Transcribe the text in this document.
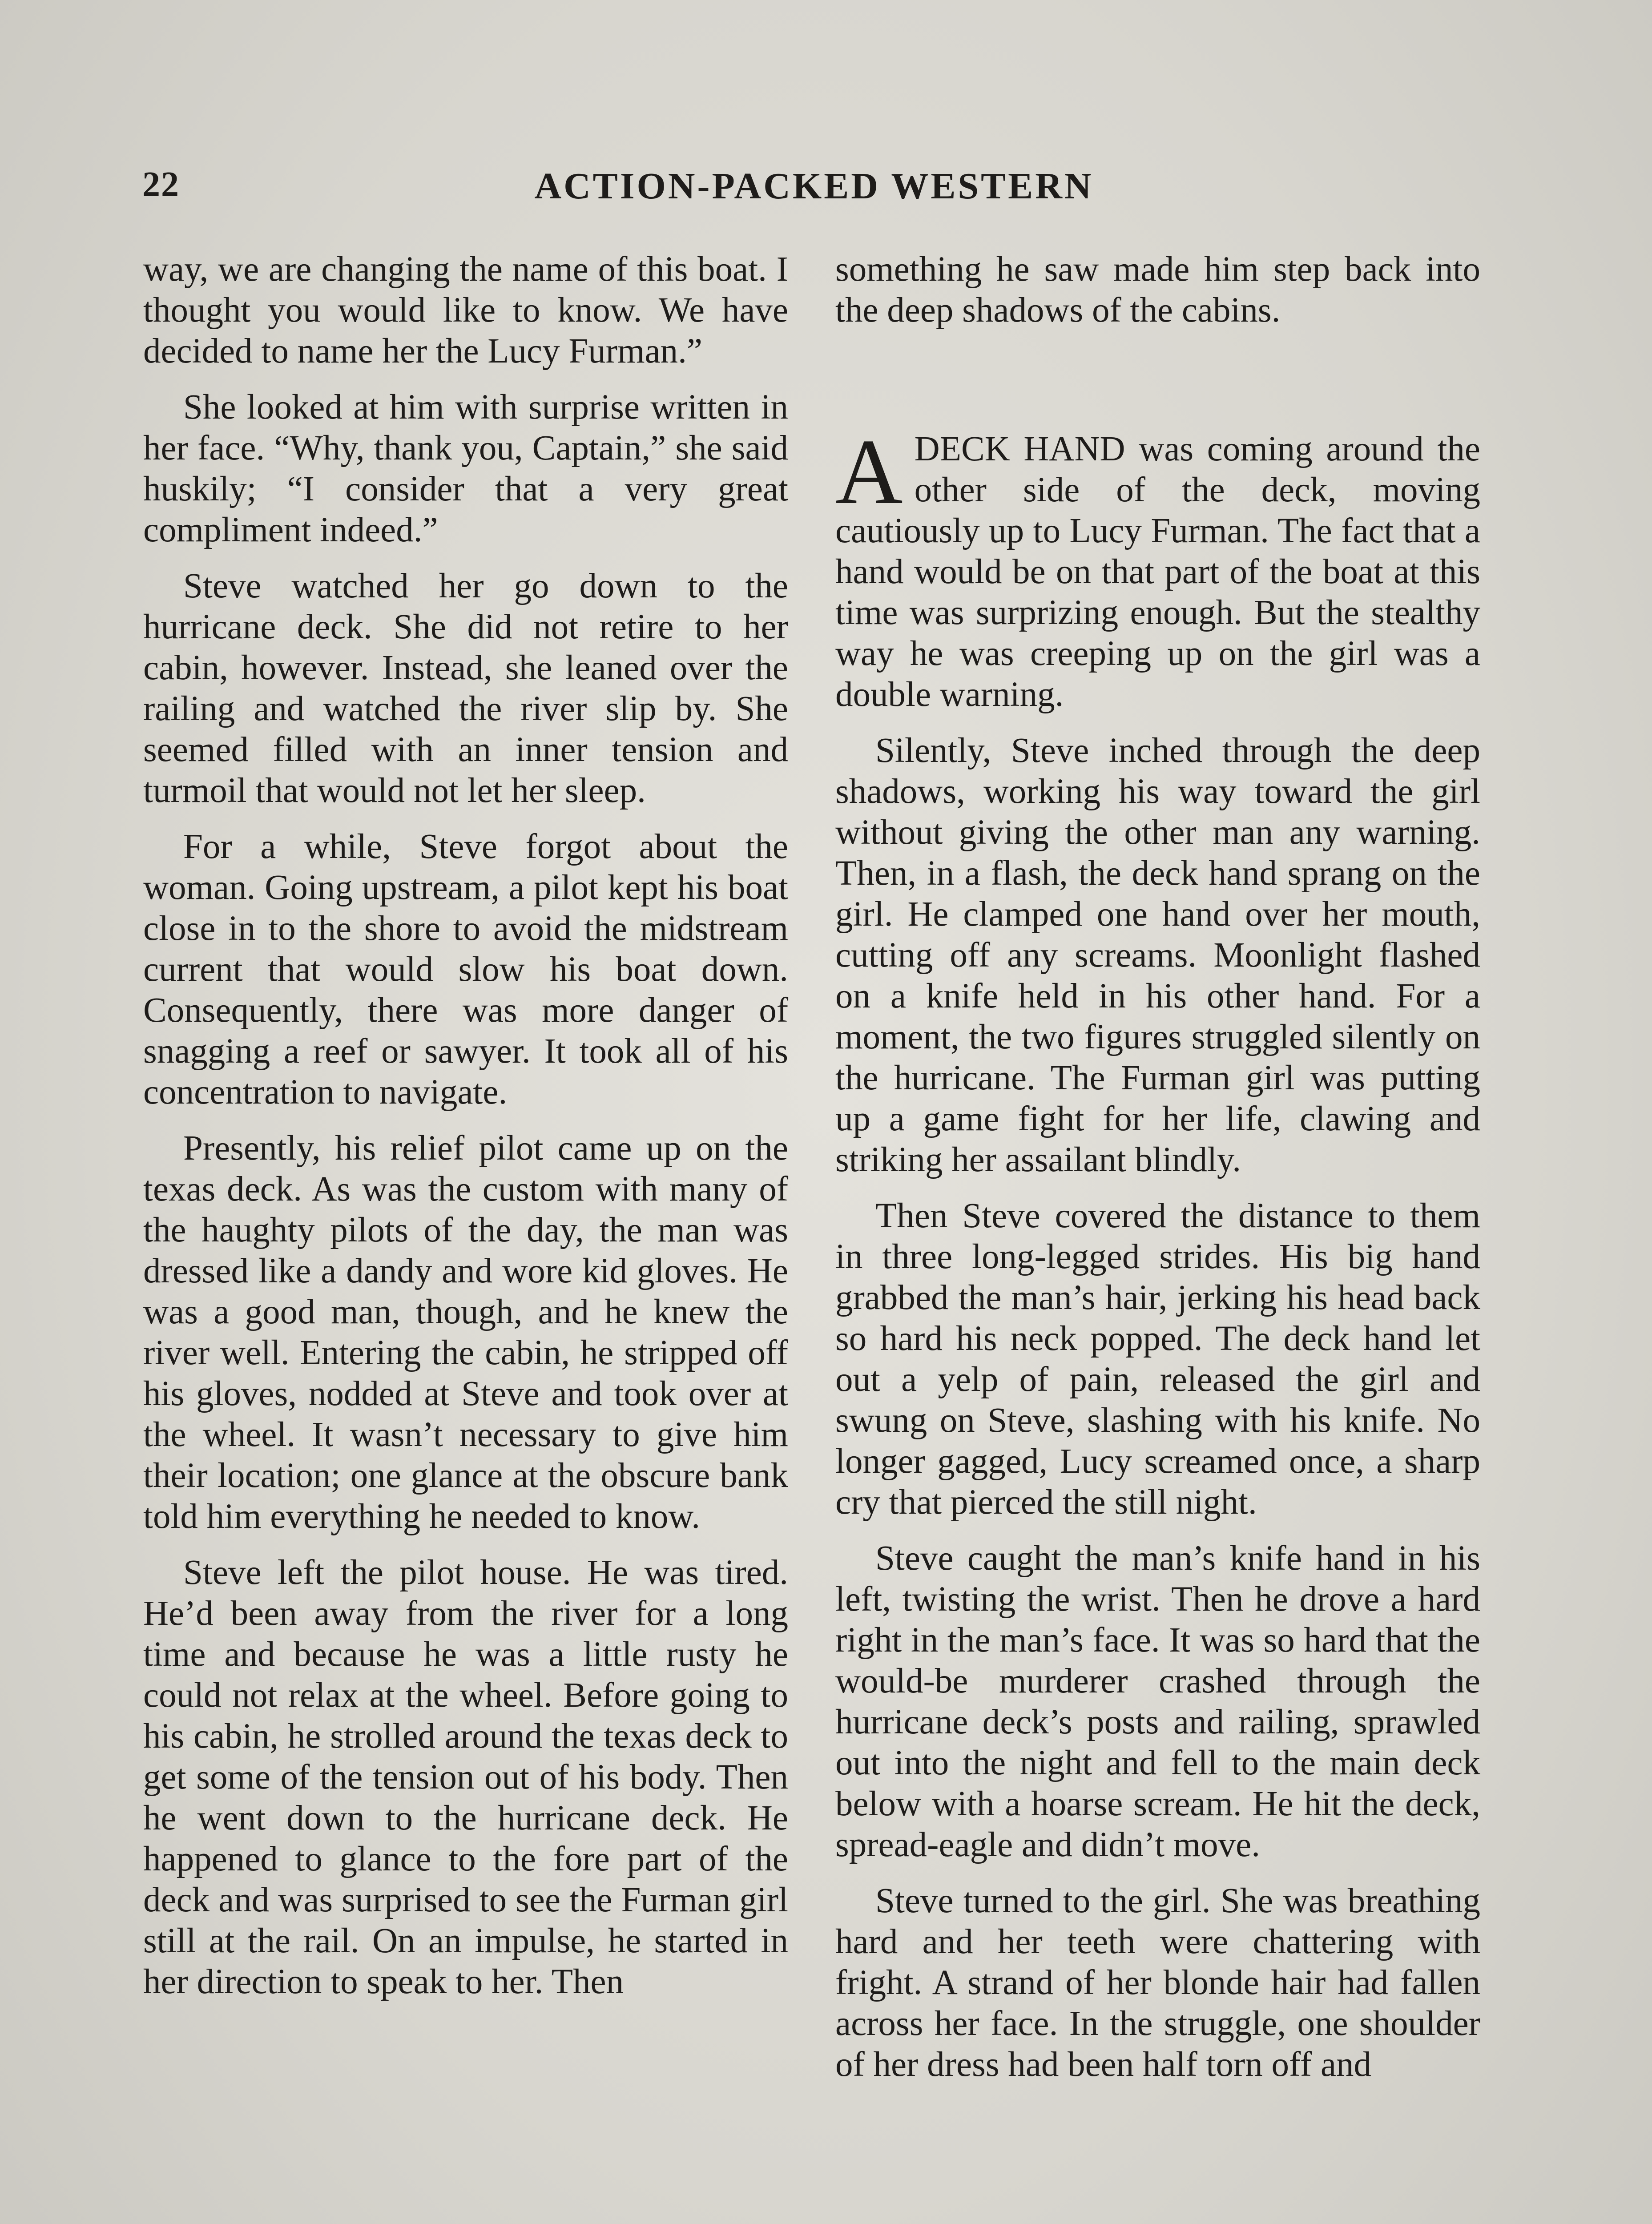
22	ACTION-PACKED WESTERN

way, we are changing the name of this boat. I thought you would like to know. We have decided to name her the Lucy Furman.”

She looked at him with surprise written in her face. “Why, thank you, Captain,” she said huskily; “I consider that a very great compliment indeed.”

Steve watched her go down to the hurricane deck. She did not retire to her cabin, however. Instead, she leaned over the railing and watched the river slip by. She seemed filled with an inner tension and turmoil that would not let her sleep.

For a while, Steve forgot about the woman. Going upstream, a pilot kept his boat close in to the shore to avoid the midstream current that would slow his boat down. Consequently, there was more danger of snagging a reef or sawyer. It took all of his concentration to navigate.

Presently, his relief pilot came up on the texas deck. As was the custom with many of the haughty pilots of the day, the man was dressed like a dandy and wore kid gloves. He was a good man, though, and he knew the river well. Entering the cabin, he stripped off his gloves, nodded at Steve and took over at the wheel. It wasn’t necessary to give him their location; one glance at the obscure bank told him everything he needed to know.

Steve left the pilot house. He was tired. He’d been away from the river for a long time and because he was a little rusty he could not relax at the wheel. Before going to his cabin, he strolled around the texas deck to get some of the tension out of his body. Then he went down to the hurricane deck. He happened to glance to the fore part of the deck and was surprised to see the Furman girl still at the rail. On an impulse, he started in her direction to speak to her. Then

something he saw made him step back into the deep shadows of the cabins.

ADECK HAND was coming around the other side of the deck, moving cautiously up to Lucy Furman. The fact that a hand would be on that part of the boat at this time was surprizing enough. But the stealthy way he was creeping up on the girl was a double warning.

Silently, Steve inched through the deep shadows, working his way toward the girl without giving the other man any warning. Then, in a flash, the deck hand sprang on the girl. He clamped one hand over her mouth, cutting off any screams. Moonlight flashed on a knife held in his other hand. For a moment, the two figures struggled silently on the hurricane. The Furman girl was putting up a game fight for her life, clawing and striking her assailant blindly.

Then Steve covered the distance to them in three long-legged strides. His big hand grabbed the man’s hair, jerking his head back so hard his neck popped. The deck hand let out a yelp of pain, released the girl and swung on Steve, slashing with his knife. No longer gagged, Lucy screamed once, a sharp cry that pierced the still night.

Steve caught the man’s knife hand in his left, twisting the wrist. Then he drove a hard right in the man’s face. It was so hard that the would-be murderer crashed through the hurricane deck’s posts and railing, sprawled out into the night and fell to the main deck below with a hoarse scream. He hit the deck, spread-eagle and didn’t move.

Steve turned to the girl. She was breathing hard and her teeth were chattering with fright. A strand of her blonde hair had fallen across her face. In the struggle, one shoulder of her dress had been half torn off and
